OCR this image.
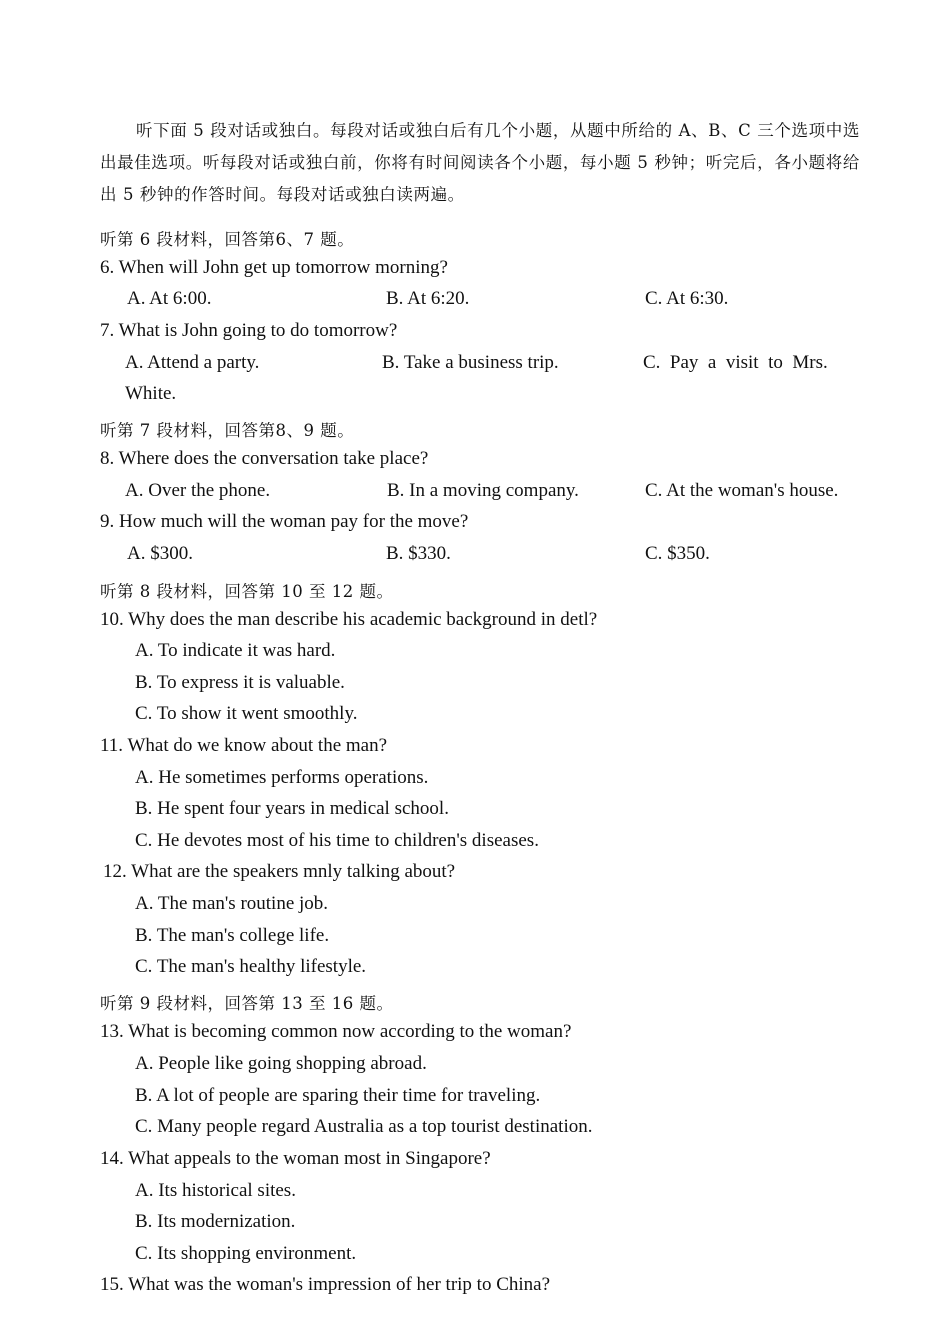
听下面 5 段对话或独白。每段对话或独白后有几个小题，从题中所给的 A、B、C 三个选项中选出最佳选项。听每段对话或独白前，你将有时间阅读各个小题，每小题 5 秒钟；听完后，各小题将给出 5 秒钟的作答时间。每段对话或独白读两遍。
听第 6 段材料，回答第6、7 题。
6. When will John get up tomorrow morning?
A. At 6:00.	B. At 6:20.	C. At 6:30.
7. What is John going to do tomorrow?
A. Attend a party.	B. Take a business trip.	C.  Pay  a  visit  to  Mrs.
White.
听第 7 段材料，回答第8、9 题。
8. Where does the conversation take place?
A. Over the phone.	B. In a moving company.	C. At the woman's house.
9. How much will the woman pay for the move?
A. $300.	B. $330.	C. $350.
听第 8 段材料，回答第 10 至 12 题。
10. Why does the man describe his academic background in detl?
A. To indicate it was hard.
B. To express it is valuable.
C. To show it went smoothly.
11. What do we know about the man?
A. He sometimes performs operations.
B. He spent four years in medical school.
C. He devotes most of his time to children's diseases.
12. What are the speakers mnly talking about?
A. The man's routine job.
B. The man's college life.
C. The man's healthy lifestyle.
听第 9 段材料，回答第 13 至 16 题。
13. What is becoming common now according to the woman?
A. People like going shopping abroad.
B. A lot of people are sparing their time for traveling.
C. Many people regard Australia as a top tourist destination.
14. What appeals to the woman most in Singapore?
A. Its historical sites.
B. Its modernization.
C. Its shopping environment.
15. What was the woman's impression of her trip to China?
